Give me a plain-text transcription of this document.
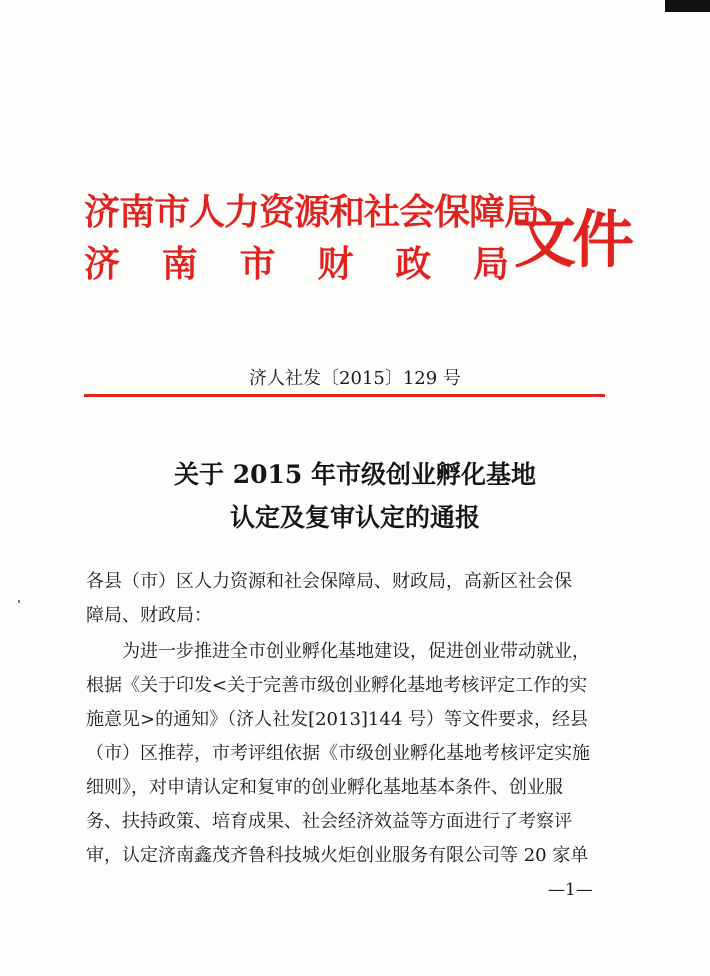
济南市人力资源和社会保障局
济 南 市 财 政 局 文件
济人社发〔2015〕129 号
关于 2015 年市级创业孵化基地
认定及复审认定的通报
各县（市）区人力资源和社会保障局、财政局，高新区社会保
障局、财政局：
　　为进一步推进全市创业孵化基地建设，促进创业带动就业，
根据《关于印发<关于完善市级创业孵化基地考核评定工作的实
施意见>的通知》（济人社发[2013]144 号）等文件要求，经县
（市）区推荐，市考评组依据《市级创业孵化基地考核评定实施
细则》，对申请认定和复审的创业孵化基地基本条件、创业服
务、扶持政策、培育成果、社会经济效益等方面进行了考察评
审，认定济南鑫茂齐鲁科技城火炬创业服务有限公司等 20 家单
—1—
